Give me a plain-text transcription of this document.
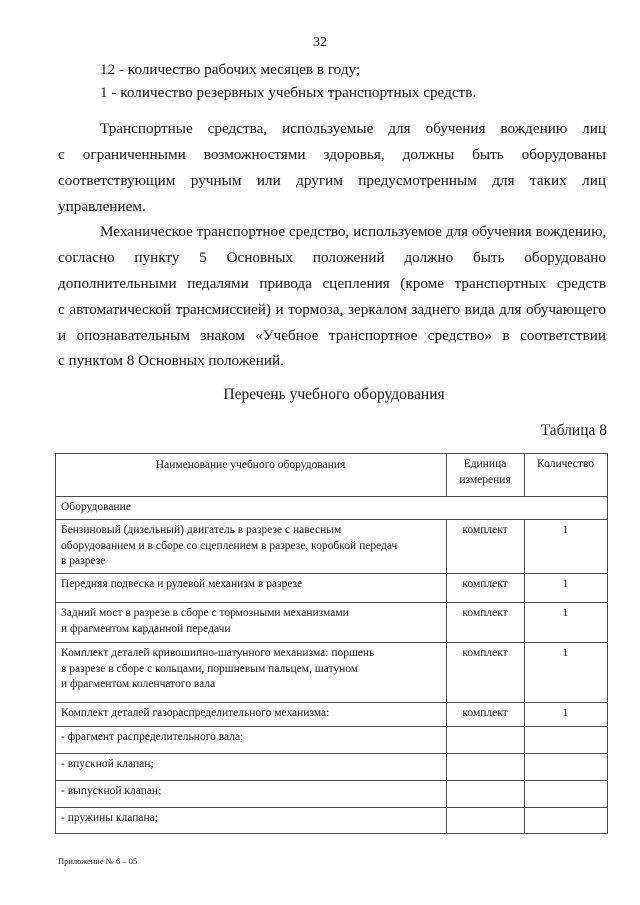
32
12 - количество рабочих месяцев в году;
1 - количество резервных учебных транспортных средств.
Транспортные средства, используемые для обучения вождению лиц
с ограниченными возможностями здоровья, должны быть оборудованы
соответствующим ручным или другим предусмотренным для таких лиц
управлением.
Механическое транспортное средство, используемое для обучения вождению,
согласно пункту 5 Основных положений должно быть оборудовано
дополнительными педалями привода сцепления (кроме транспортных средств
с автоматической трансмиссией) и тормоза, зеркалом заднего вида для обучающего
и опознавательным знаком «Учебное транспортное средство» в соответствии
с пунктом 8 Основных положений.
Перечень учебного оборудования
Таблица 8
Наименование учебного оборудования	Единица
измерения	Количество
Оборудование		

Бензиновый (дизельный) двигатель в разрезе с навесным
оборудованием и в сборе со сцеплением в разрезе, коробкой передач
в разрезе	комплект	1

Передняя подвеска и рулевой механизм в разрезе	комплект	1

Задний мост в разрезе в сборе с тормозными механизмами
и фрагментом карданной передачи	комплект	1

Комплект деталей кривошипно-шатунного механизма: поршень
в разрезе в сборе с кольцами, поршневым пальцем, шатуном
и фрагментом коленчатого вала	комплект	1

Комплект деталей газораспределительного механизма:	комплект	1

- фрагмент распределительного вала;		

- впускной клапан;		

- выпускной клапан;		

- пружины клапана;		

Приложение № 6 – 05
